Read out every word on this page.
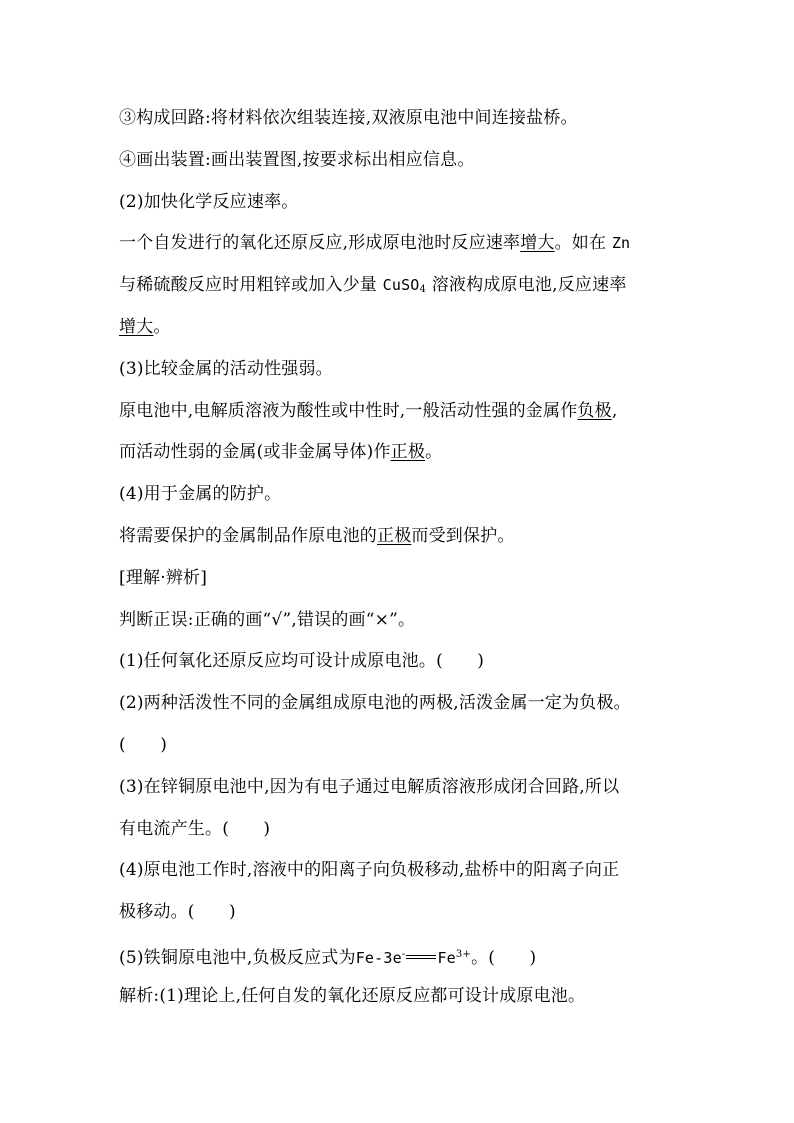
③构成回路:将材料依次组装连接,双液原电池中间连接盐桥。
④画出装置:画出装置图,按要求标出相应信息。
(2)加快化学反应速率。
一个自发进行的氧化还原反应,形成原电池时反应速率增大。如在 Zn
与稀硫酸反应时用粗锌或加入少量 CuSO$_4$ 溶液构成原电池,反应速率
增大。
(3)比较金属的活动性强弱。
原电池中,电解质溶液为酸性或中性时,一般活动性强的金属作负极,
而活动性弱的金属(或非金属导体)作正极。
(4)用于金属的防护。
将需要保护的金属制品作原电池的正极而受到保护。
[理解·辨析]
判断正误:正确的画“√”,错误的画“×”。
(1)任何氧化还原反应均可设计成原电池。(　　)
(2)两种活泼性不同的金属组成原电池的两极,活泼金属一定为负极。
(　　)
(3)在锌铜原电池中,因为有电子通过电解质溶液形成闭合回路,所以
有电流产生。(　　)
(4)原电池工作时,溶液中的阳离子向负极移动,盐桥中的阳离子向正
极移动。(　　)
(5)铁铜原电池中,负极反应式为Fe-3e- $Fe^{3+}$。(　　)
解析:(1)理论上,任何自发的氧化还原反应都可设计成原电池。
